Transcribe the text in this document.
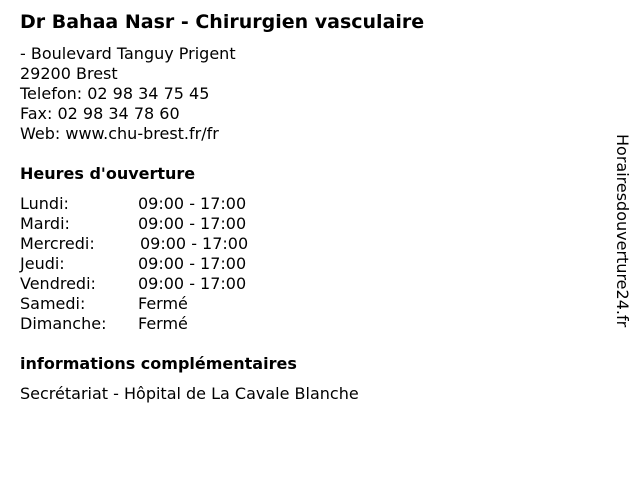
Dr Bahaa Nasr - Chirurgien vasculaire
- Boulevard Tanguy Prigent
29200 Brest
Telefon: 02 98 34 75 45
Fax: 02 98 34 78 60
Web: www.chu-brest.fr/fr
Heures d'ouverture
Lundi:	09:00 - 17:00
Mardi:	09:00 - 17:00
Mercredi:	09:00 - 17:00
Jeudi:	09:00 - 17:00
Vendredi:	09:00 - 17:00
Samedi:	Fermé
Dimanche: Fermé
informations complémentaires
Secrétariat - Hôpital de La Cavale Blanche
Horairesdouverture24.fr
